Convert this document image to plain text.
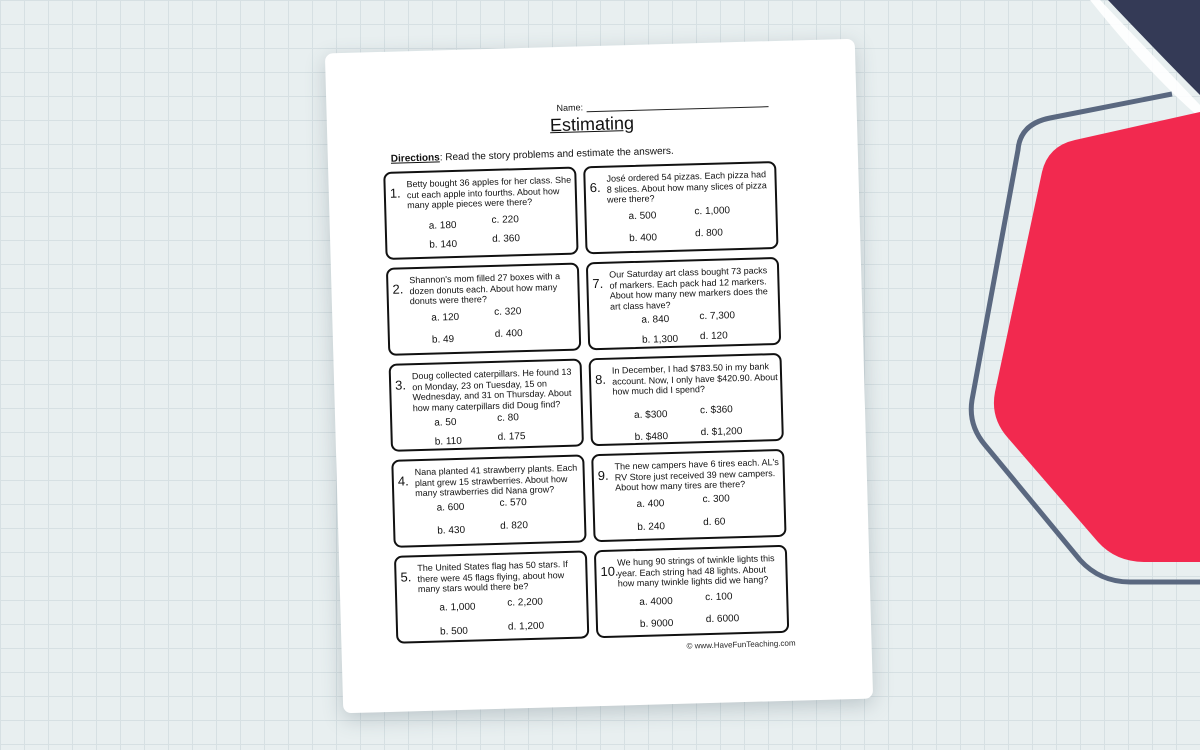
Name:
Estimating
Directions: Read the story problems and estimate the answers.
1.
Betty bought 36 apples for her class. She cut each apple into fourths. About how many apple pieces were there?
a. 180	c. 220
b. 140	d. 360
2.
Shannon's mom filled 27 boxes with a dozen donuts each. About how many donuts were there?
a. 120	c. 320
b. 49	d. 400
3.
Doug collected caterpillars. He found 13 on Monday, 23 on Tuesday, 15 on Wednesday, and 31 on Thursday. About how many caterpillars did Doug find?
a. 50	c. 80
b. 110	d. 175
4.
Nana planted 41 strawberry plants. Each plant grew 15 strawberries. About how many strawberries did Nana grow?
a. 600	c. 570
b. 430	d. 820
5.
The United States flag has 50 stars. If there were 45 flags flying, about how many stars would there be?
a. 1,000	c. 2,200
b. 500	d. 1,200
6.
José ordered 54 pizzas. Each pizza had 8 slices. About how many slices of pizza were there?
a. 500	c. 1,000
b. 400	d. 800
7.
Our Saturday art class bought 73 packs of markers. Each pack had 12 markers. About how many new markers does the art class have?
a. 840	c. 7,300
b. 1,300 d. 120
8.
In December, I had $783.50 in my bank account. Now, I only have $420.90. About how much did I spend?
a. $300	c. $360
b. $480	d. $1,200
9.
The new campers have 6 tires each. AL's RV Store just received 39 new campers. About how many tires are there?
a. 400	c. 300
b. 240	d. 60
10.
We hung 90 strings of twinkle lights this year. Each string had 48 lights. About how many twinkle lights did we hang?
a. 4000	c. 100
b. 9000	d. 6000
© www.HaveFunTeaching.com
